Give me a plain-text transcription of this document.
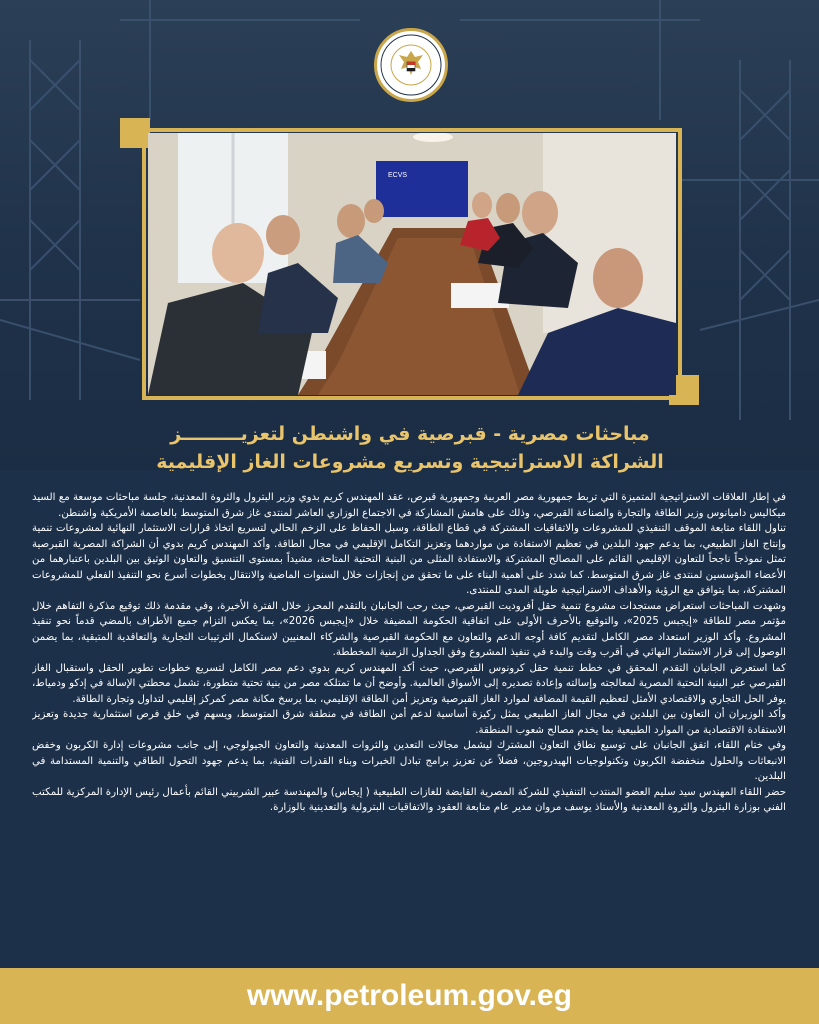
ECVS
مباحثات مصرية - قبرصية في واشنطن لتعزيـــــــــز
الشراكة الاستراتيجية وتسريع مشروعات الغاز الإقليمية

في إطار العلاقات الاستراتيجية المتميزة التي تربط جمهورية مصر العربية وجمهورية قبرص، عقد المهندس كريم بدوي وزير البترول والثروة المعدنية، جلسة مباحثات موسعة مع السيد ميكاليس داميانوس وزير الطاقة والتجارة والصناعة القبرصي، وذلك على هامش المشاركة في الاجتماع الوزاري العاشر لمنتدى غاز شرق المتوسط بالعاصمة الأمريكية واشنطن.

تناول اللقاء متابعة الموقف التنفيذي للمشروعات والاتفاقيات المشتركة في قطاع الطاقة، وسبل الحفاظ على الزخم الحالي لتسريع اتخاذ قرارات الاستثمار النهائية لمشروعات تنمية وإنتاج الغاز الطبيعي، بما يدعم جهود البلدين في تعظيم الاستفادة من مواردهما وتعزيز التكامل الإقليمي في مجال الطاقة. وأكد المهندس كريم بدوي أن الشراكة المصرية القبرصية تمثل نموذجاً ناجحاً للتعاون الإقليمي القائم على المصالح المشتركة والاستفادة المثلى من البنية التحتية المتاحة، مشيداً بمستوى التنسيق والتعاون الوثيق بين البلدين باعتبارهما من الأعضاء المؤسسين لمنتدى غاز شرق المتوسط. كما شدد على أهمية البناء على ما تحقق من إنجازات خلال السنوات الماضية والانتقال بخطوات أسرع نحو التنفيذ الفعلي للمشروعات المشتركة، بما يتوافق مع الرؤية والأهداف الاستراتيجية طويلة المدى للمنتدى.

وشهدت المباحثات استعراض مستجدات مشروع تنمية حقل أفروديت القبرصي، حيث رحب الجانبان بالتقدم المحرز خلال الفترة الأخيرة، وفي مقدمة ذلك توقيع مذكرة التفاهم خلال مؤتمر مصر للطاقة «إيجبس 2025»، والتوقيع بالأحرف الأولى على اتفاقية الحكومة المضيفة خلال «إيجبس 2026»، بما يعكس التزام جميع الأطراف بالمضي قدماً نحو تنفيذ المشروع. وأكد الوزير استعداد مصر الكامل لتقديم كافة أوجه الدعم والتعاون مع الحكومة القبرصية والشركاء المعنيين لاستكمال الترتيبات التجارية والتعاقدية المتبقية، بما يضمن الوصول إلى قرار الاستثمار النهائي في أقرب وقت والبدء في تنفيذ المشروع وفق الجداول الزمنية المخططة.

كما استعرض الجانبان التقدم المحقق في خطط تنمية حقل كرونوس القبرصي، حيث أكد المهندس كريم بدوي دعم مصر الكامل لتسريع خطوات تطوير الحقل واستقبال الغاز القبرصي عبر البنية التحتية المصرية لمعالجته وإسالته وإعادة تصديره إلى الأسواق العالمية. وأوضح أن ما تمتلكه مصر من بنية تحتية متطورة، تشمل محطتي الإسالة في إدكو ودمياط، يوفر الحل التجاري والاقتصادي الأمثل لتعظيم القيمة المضافة لموارد الغاز القبرصية وتعزيز أمن الطاقة الإقليمي، بما يرسخ مكانة مصر كمركز إقليمي لتداول وتجارة الطاقة.

وأكد الوزيران أن التعاون بين البلدين في مجال الغاز الطبيعي يمثل ركيزة أساسية لدعم أمن الطاقة في منطقة شرق المتوسط، ويسهم في خلق فرص استثمارية جديدة وتعزيز الاستفادة الاقتصادية من الموارد الطبيعية بما يخدم مصالح شعوب المنطقة.

وفي ختام اللقاء، اتفق الجانبان على توسيع نطاق التعاون المشترك ليشمل مجالات التعدين والثروات المعدنية والتعاون الجيولوجي، إلى جانب مشروعات إدارة الكربون وخفض الانبعاثات والحلول منخفضة الكربون وتكنولوجيات الهيدروجين، فضلاً عن تعزيز برامج تبادل الخبرات وبناء القدرات الفنية، بما يدعم جهود التحول الطاقي والتنمية المستدامة في البلدين.

حضر اللقاء المهندس سيد سليم العضو المنتدب التنفيذي للشركة المصرية القابضة للغازات الطبيعية ( إيجاس) والمهندسة عبير الشربيني القائم بأعمال رئيس الإدارة المركزية للمكتب الفني بوزارة البترول والثروة المعدنية والأستاذ يوسف مروان مدير عام متابعة العقود والاتفاقيات البترولية والتعدينية بالوزارة.

www.petroleum.gov.eg
